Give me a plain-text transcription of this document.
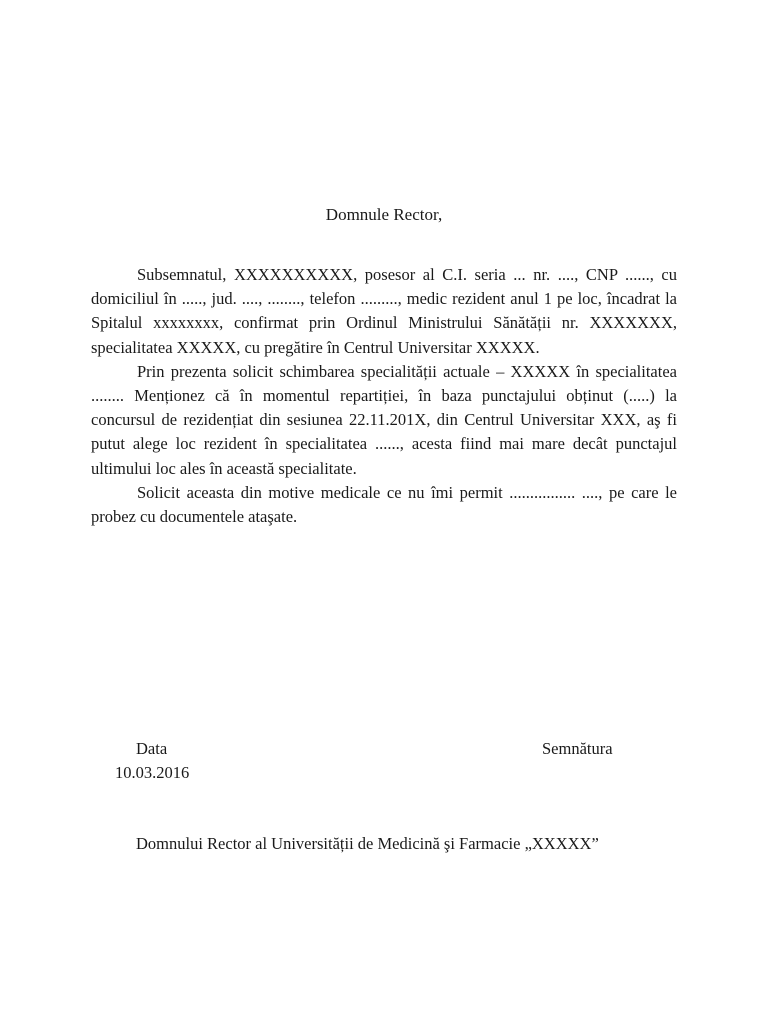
Domnule Rector,

Subsemnatul, XXXXXXXXXX, posesor al C.I. seria ... nr. ...., CNP ......, cu domiciliul în ....., jud. ...., ........, telefon ........., medic rezident anul 1 pe loc, încadrat la Spitalul xxxxxxxx, confirmat prin Ordinul Ministrului Sănătății nr. XXXXXXX, specialitatea XXXXX, cu pregătire în Centrul Universitar XXXXX.

Prin prezenta solicit schimbarea specialității actuale – XXXXX în specialitatea ........ Menționez că în momentul repartiției, în baza punctajului obținut (.....) la concursul de rezidențiat din sesiunea 22.11.201X, din Centrul Universitar XXX, aş fi putut alege loc rezident în specialitatea ......, acesta fiind mai mare decât punctajul ultimului loc ales în această specialitate.

Solicit aceasta din motive medicale ce nu îmi permit ................ ...., pe care le probez cu documentele ataşate.

Data

10.03.2016

Semnătura

Domnului Rector al Universității de Medicină şi Farmacie „XXXXX”
